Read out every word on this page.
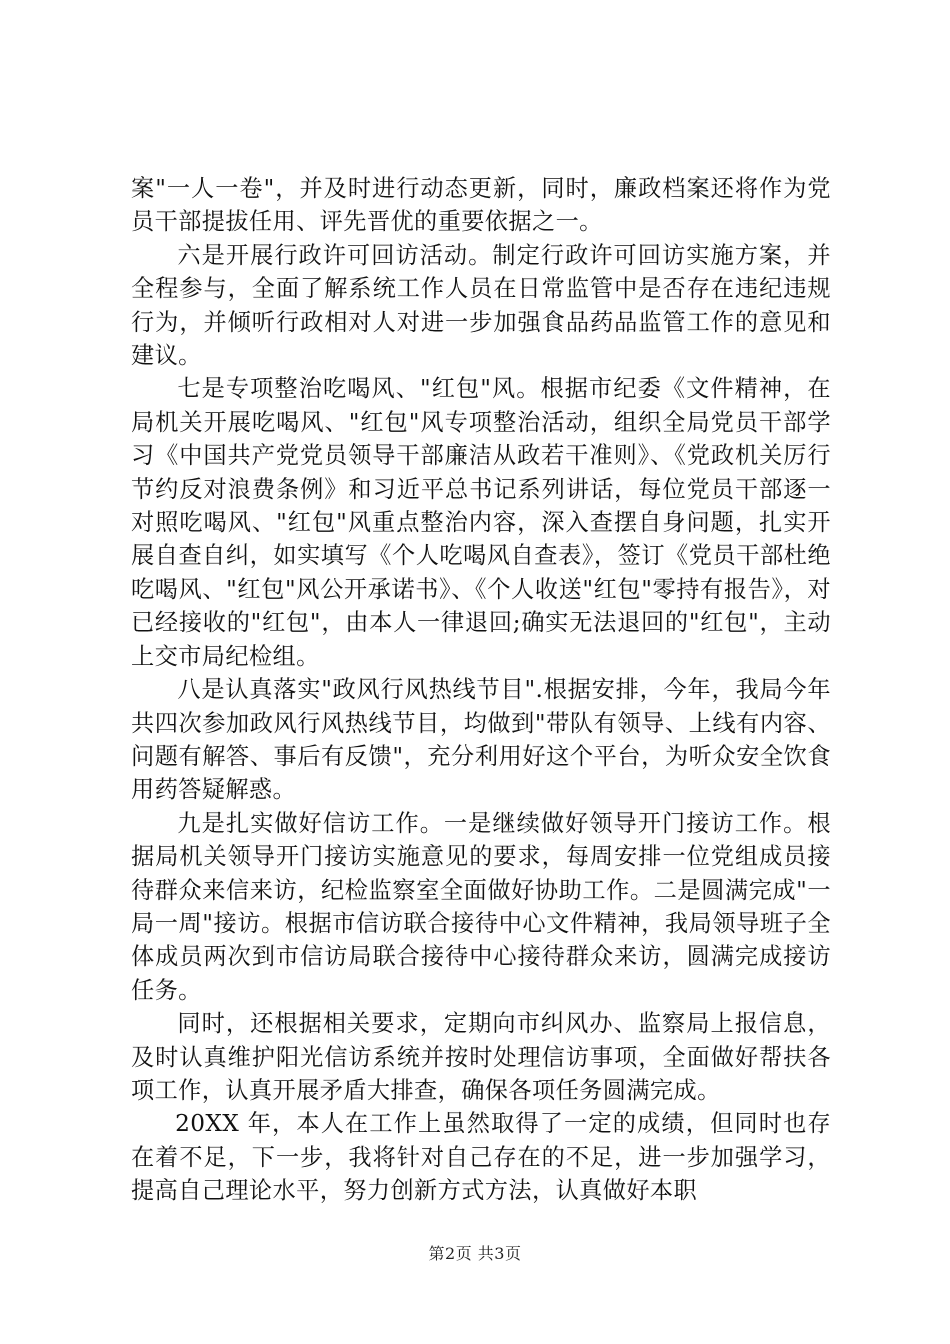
案"一人一卷"，并及时进行动态更新，同时，廉政档案还将作为党员干部提拔任用、评先晋优的重要依据之一。

六是开展行政许可回访活动。制定行政许可回访实施方案，并全程参与，全面了解系统工作人员在日常监管中是否存在违纪违规行为，并倾听行政相对人对进一步加强食品药品监管工作的意见和建议。

七是专项整治吃喝风、"红包"风。根据市纪委《文件精神，在局机关开展吃喝风、"红包"风专项整治活动，组织全局党员干部学习《中国共产党党员领导干部廉洁从政若干准则》、《党政机关厉行节约反对浪费条例》和习近平总书记系列讲话，每位党员干部逐一对照吃喝风、"红包"风重点整治内容，深入查摆自身问题，扎实开展自查自纠，如实填写《个人吃喝风自查表》，签订《党员干部杜绝吃喝风、"红包"风公开承诺书》、《个人收送"红包"零持有报告》，对已经接收的"红包"，由本人一律退回;确实无法退回的"红包"，主动上交市局纪检组。

八是认真落实"政风行风热线节目".根据安排，今年，我局今年共四次参加政风行风热线节目，均做到"带队有领导、上线有内容、问题有解答、事后有反馈"，充分利用好这个平台，为听众安全饮食用药答疑解惑。

九是扎实做好信访工作。一是继续做好领导开门接访工作。根据局机关领导开门接访实施意见的要求，每周安排一位党组成员接待群众来信来访，纪检监察室全面做好协助工作。二是圆满完成"一局一周"接访。根据市信访联合接待中心文件精神，我局领导班子全体成员两次到市信访局联合接待中心接待群众来访，圆满完成接访任务。

同时，还根据相关要求，定期向市纠风办、监察局上报信息，及时认真维护阳光信访系统并按时处理信访事项，全面做好帮扶各项工作，认真开展矛盾大排查，确保各项任务圆满完成。

20XX 年，本人在工作上虽然取得了一定的成绩，但同时也存在着不足，下一步，我将针对自己存在的不足，进一步加强学习，提高自己理论水平，努力创新方式方法，认真做好本职

第2页 共3页
